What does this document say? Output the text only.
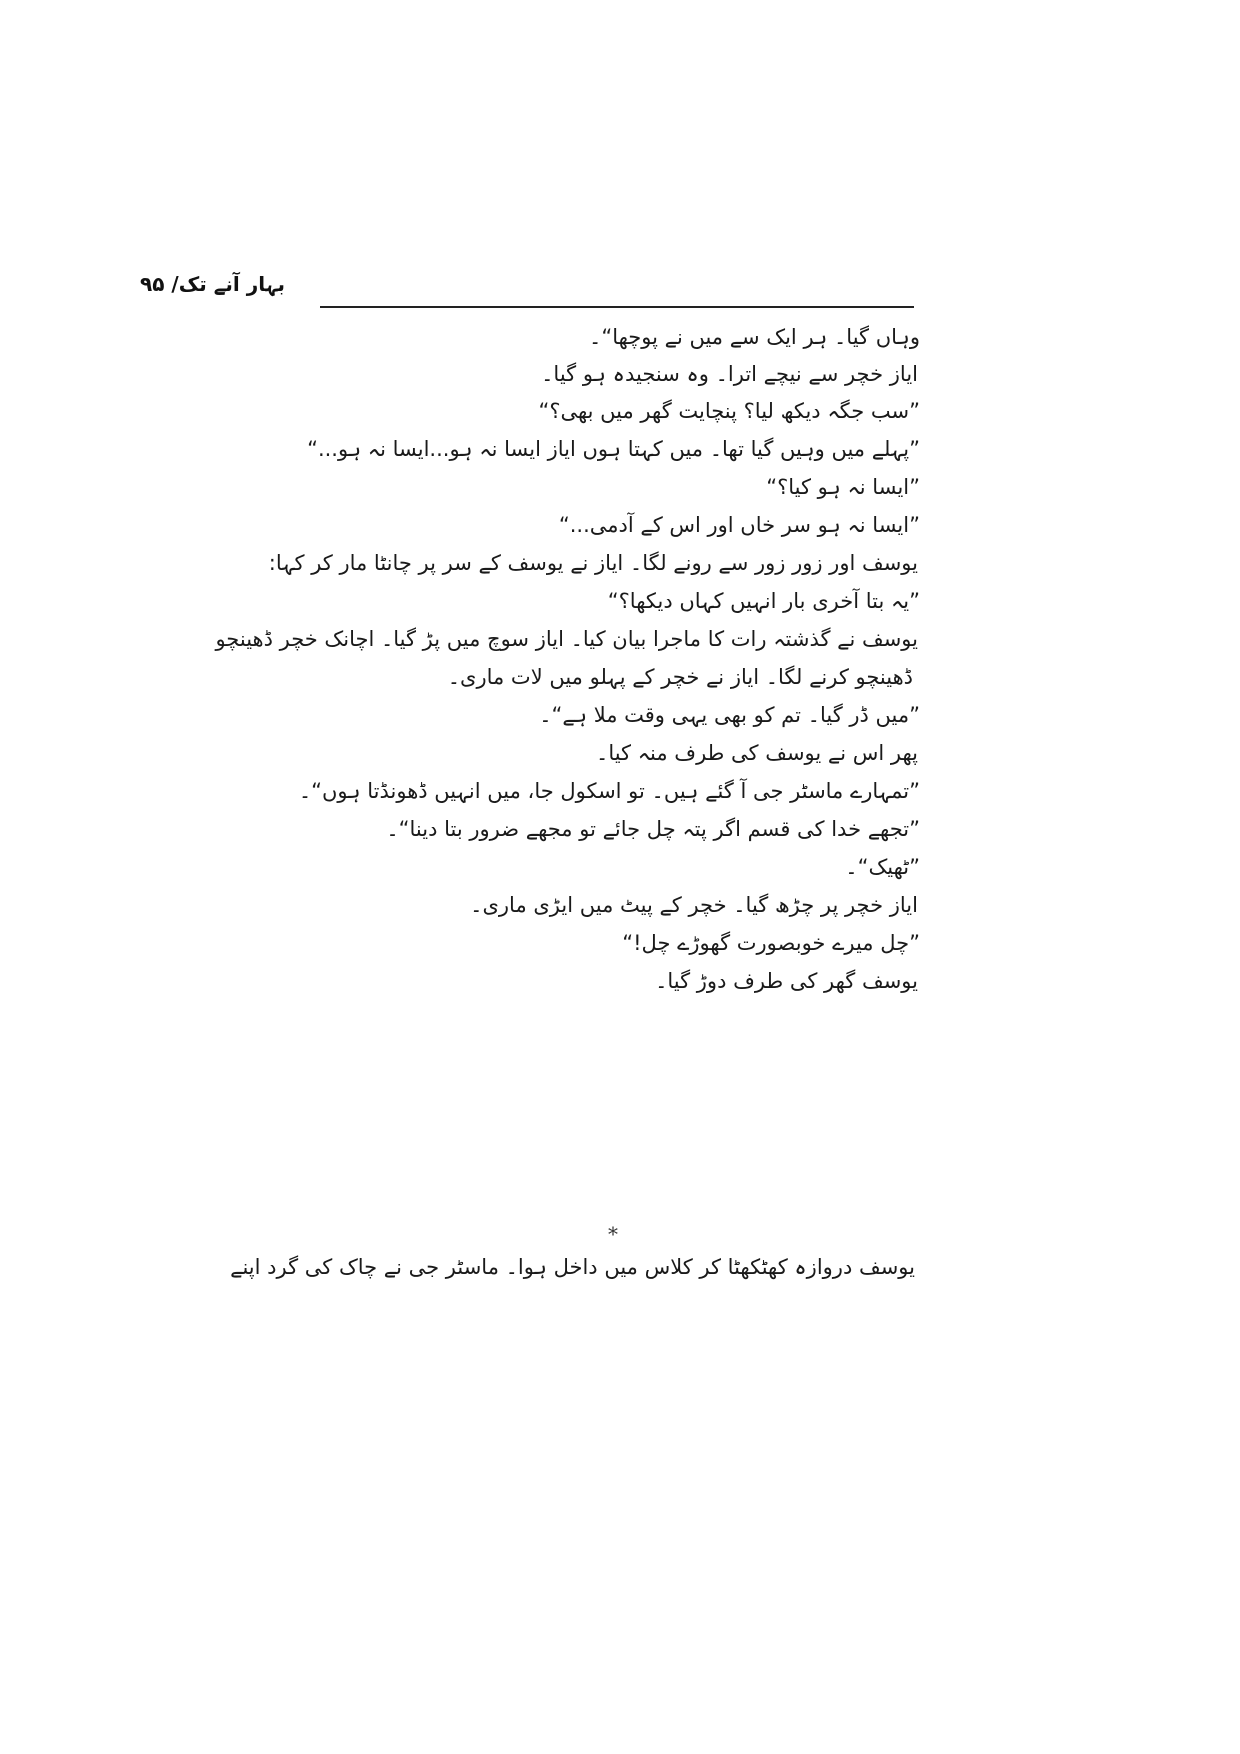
بہار آنے تک/ ۹۵
وہاں گیا۔ ہر ایک سے میں نے پوچھا“۔
ایاز خچر سے نیچے اترا۔ وہ سنجیدہ ہو گیا۔
”سب جگہ دیکھ لیا؟ پنچایت گھر میں بھی؟“
”پہلے میں وہیں گیا تھا۔ میں کہتا ہوں ایاز ایسا نہ ہو...ایسا نہ ہو...“
”ایسا نہ ہو کیا؟“
”ایسا نہ ہو سر خاں اور اس کے آدمی...“
یوسف اور زور زور سے رونے لگا۔ ایاز نے یوسف کے سر پر چانٹا مار کر کہا:
”یہ بتا آخری بار انہیں کہاں دیکھا؟“
یوسف نے گذشتہ رات کا ماجرا بیان کیا۔ ایاز سوچ میں پڑ گیا۔ اچانک خچر ڈھینچو
ڈھینچو کرنے لگا۔ ایاز نے خچر کے پہلو میں لات ماری۔
”میں ڈر گیا۔ تم کو بھی یہی وقت ملا ہے“۔
پھر اس نے یوسف کی طرف منہ کیا۔
”تمہارے ماسٹر جی آ گئے ہیں۔ تو اسکول جا، میں انہیں ڈھونڈتا ہوں“۔
”تجھے خدا کی قسم اگر پتہ چل جائے تو مجھے ضرور بتا دینا“۔
”ٹھیک“۔
ایاز خچر پر چڑھ گیا۔ خچر کے پیٹ میں ایڑی ماری۔
”چل میرے خوبصورت گھوڑے چل!“
یوسف گھر کی طرف دوڑ گیا۔
*
یوسف دروازہ کھٹکھٹا کر کلاس میں داخل ہوا۔ ماسٹر جی نے چاک کی گرد اپنے
